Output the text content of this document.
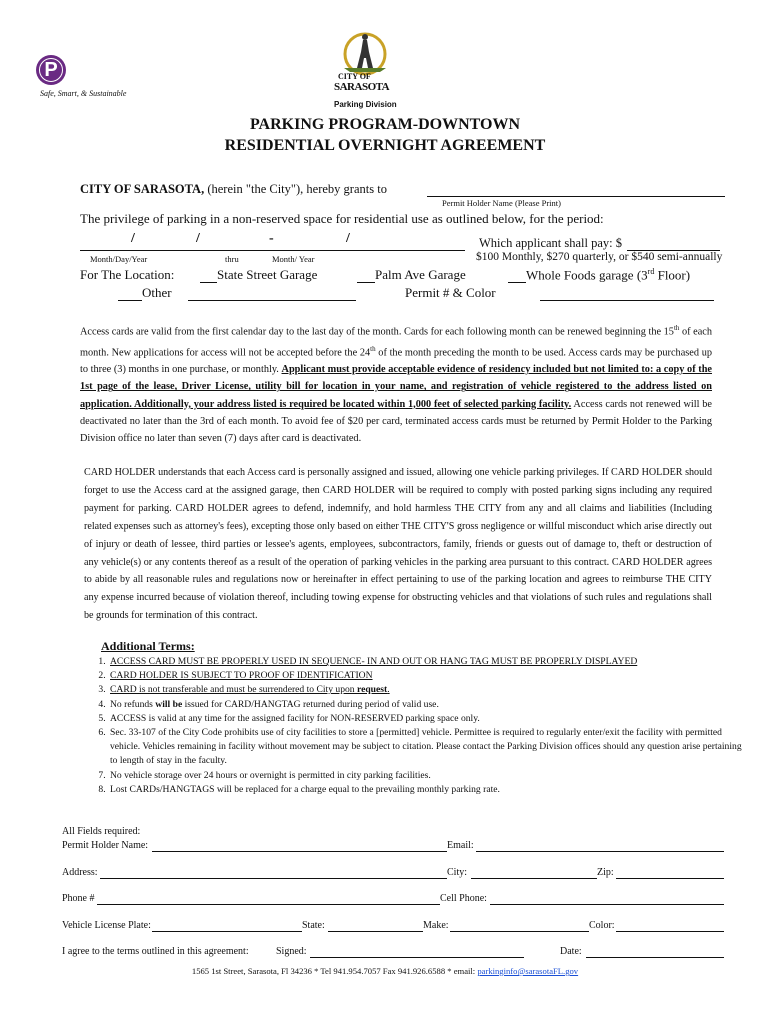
P
Safe, Smart, & Sustainable
CITY OF
SARASOTA
Parking Division
PARKING PROGRAM-DOWNTOWN
RESIDENTIAL OVERNIGHT AGREEMENT
CITY OF SARASOTA, (herein "the City"), hereby grants to
Permit Holder Name (Please Print)
The privilege of parking in a non-reserved space for residential use as outlined below, for the period:
/	/	-	/	Which applicant shall pay: $
Month/Day/Year	thru	Month/ Year	$100 Monthly, $270 quarterly, or $540 semi-annually
For The Location:	State Street Garage	Palm Ave Garage	Whole Foods garage (3rd Floor)
Other	Permit # & Color
Access cards are valid from the first calendar day to the last day of the month. Cards for each following month can be renewed beginning the 15th of each month. New applications for access will not be accepted before the 24th of the month preceding the month to be used. Access cards may be purchased up to three (3) months in one purchase, or monthly. Applicant must provide acceptable evidence of residency included but not limited to: a copy of the 1st page of the lease, Driver License, utility bill for location in your name, and registration of vehicle registered to the address listed on application. Additionally, your address listed is required be located within 1,000 feet of selected parking facility. Access cards not renewed will be deactivated no later than the 3rd of each month. To avoid fee of $20 per card, terminated access cards must be returned by Permit Holder to the Parking Division office no later than seven (7) days after card is deactivated.
CARD HOLDER understands that each Access card is personally assigned and issued, allowing one vehicle parking privileges. If CARD HOLDER should forget to use the Access card at the assigned garage, then CARD HOLDER will be required to comply with posted parking signs including any required payment for parking. CARD HOLDER agrees to defend, indemnify, and hold harmless THE CITY from any and all claims and liabilities (Including related expenses such as attorney's fees), excepting those only based on either THE CITY'S gross negligence or willful misconduct which arise directly out of injury or death of lessee, third parties or lessee's agents, employees, subcontractors, family, friends or guests out of damage to, theft or destruction of any vehicle(s) or any contents thereof as a result of the operation of parking vehicles in the parking area pursuant to this contract. CARD HOLDER agrees to abide by all reasonable rules and regulations now or hereinafter in effect pertaining to use of the parking location and agrees to reimburse THE CITY any expense incurred because of violation thereof, including towing expense for obstructing vehicles and that violations of such rules and regulations shall be grounds for termination of this contract.
Additional Terms:
1. ACCESS CARD MUST BE PROPERLY USED IN SEQUENCE- IN AND OUT OR HANG TAG MUST BE PROPERLY DISPLAYED
2. CARD HOLDER IS SUBJECT TO PROOF OF IDENTIFICATION
3. CARD is not transferable and must be surrendered to City upon request.
4. No refunds will be issued for CARD/HANGTAG returned during period of valid use.
5. ACCESS is valid at any time for the assigned facility for NON-RESERVED parking space only.
6. Sec. 33-107 of the City Code prohibits use of city facilities to store a [permitted] vehicle. Permittee is required to regularly enter/exit the facility with permitted vehicle. Vehicles remaining in facility without movement may be subject to citation. Please contact the Parking Division offices should any question arise pertaining to length of stay in the faculty.
7. No vehicle storage over 24 hours or overnight is permitted in city parking facilities.
8. Lost CARDs/HANGTAGS will be replaced for a charge equal to the prevailing monthly parking rate.
All Fields required:
Permit Holder Name:	Email:
Address:	City:	Zip:
Phone #	Cell Phone:
Vehicle License Plate:	State:	Make:	Color:
I agree to the terms outlined in this agreement:	Signed:	Date:
1565 1st Street, Sarasota, Fl 34236 * Tel 941.954.7057 Fax 941.926.6588 * email: parkinginfo@sarasotaFL.gov
